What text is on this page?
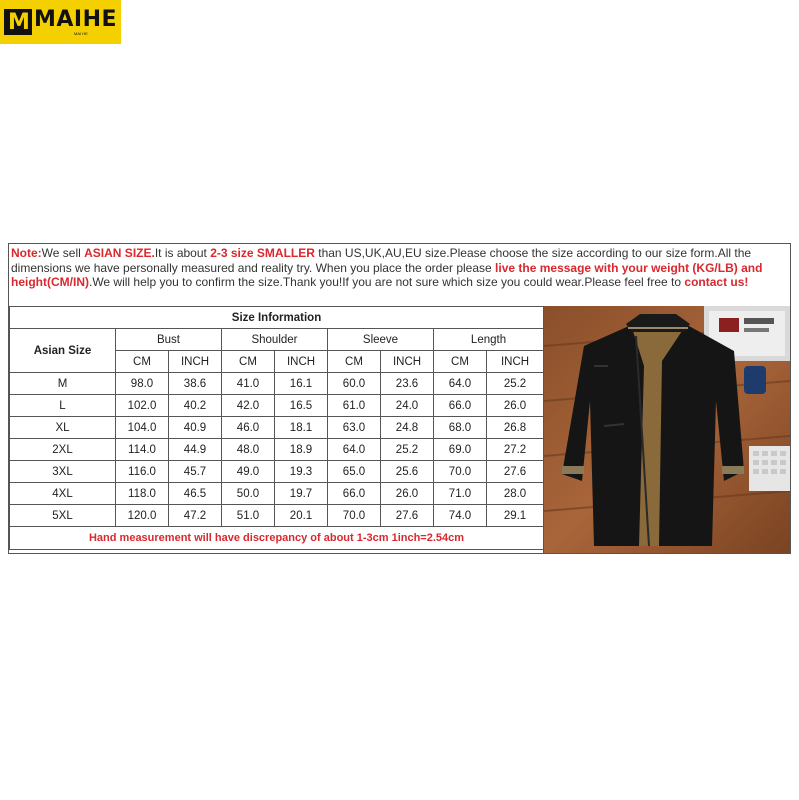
M MAIHE
MAI HE
Note:We sell ASIAN SIZE.It is about 2-3 size SMALLER than US,UK,AU,EU size.Please choose the size according to our size form.All the dimensions we have personally measured and reality try. When you place the order please live the message with your weight (KG/LB) and height(CM/IN).We will help you to confirm the size.Thank you!If you are not sure which size you could wear.Please feel free to contact us!
Size Information								
Asian Size	Bust		Shoulder		Sleeve		Length	
	CM	INCH	CM	INCH	CM	INCH	CM	INCH
M	98.0	38.6	41.0	16.1	60.0	23.6	64.0	25.2
L	102.0	40.2	42.0	16.5	61.0	24.0	66.0	26.0
XL	104.0	40.9	46.0	18.1	63.0	24.8	68.0	26.8
2XL	114.0	44.9	48.0	18.9	64.0	25.2	69.0	27.2
3XL	116.0	45.7	49.0	19.3	65.0	25.6	70.0	27.6
4XL	118.0	46.5	50.0	19.7	66.0	26.0	71.0	28.0
5XL	120.0	47.2	51.0	20.1	70.0	27.6	74.0	29.1
Hand measurement will have discrepancy of about 1-3cm 1inch=2.54cm								
